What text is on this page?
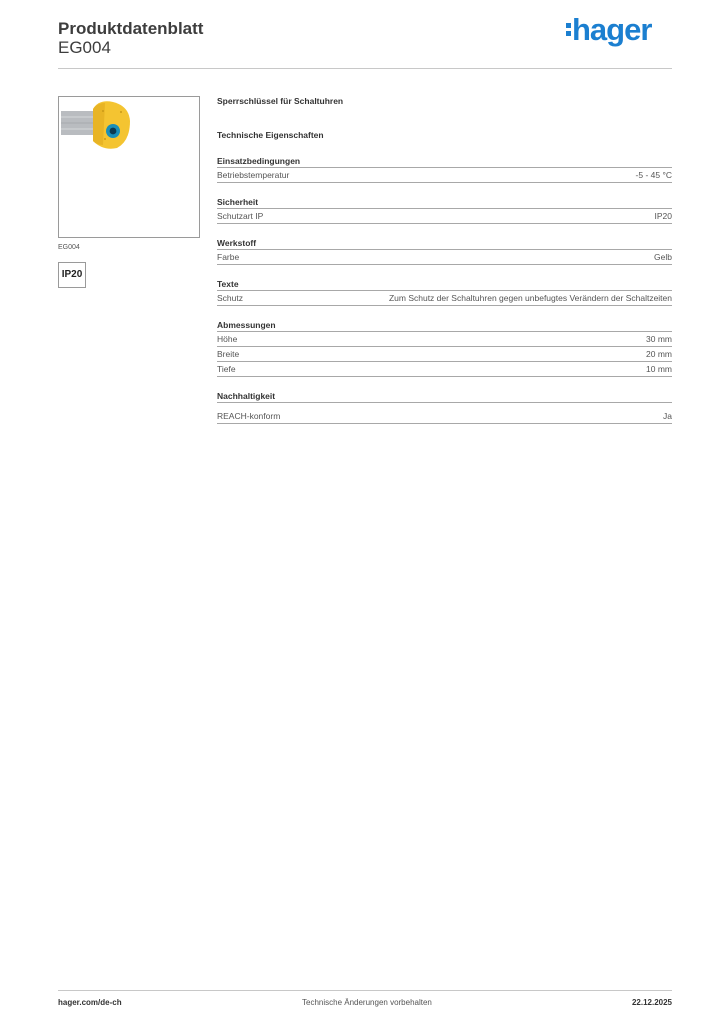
Produktdatenblatt
EG004
hager
EG004
IP20
Sperrschlüssel für Schaltuhren
Technische Eigenschaften
Einsatzbedingungen
Betriebstemperatur	-5 - 45 °C
Sicherheit
Schutzart IP	IP20
Werkstoff
Farbe	Gelb
Texte
Schutz	Zum Schutz der Schaltuhren gegen unbefugtes Verändern der Schaltzeiten
Abmessungen
Höhe	30 mm
Breite	20 mm
Tiefe	10 mm
Nachhaltigkeit
REACH-konform	Ja
hager.com/de-ch	Technische Änderungen vorbehalten	22.12.2025
